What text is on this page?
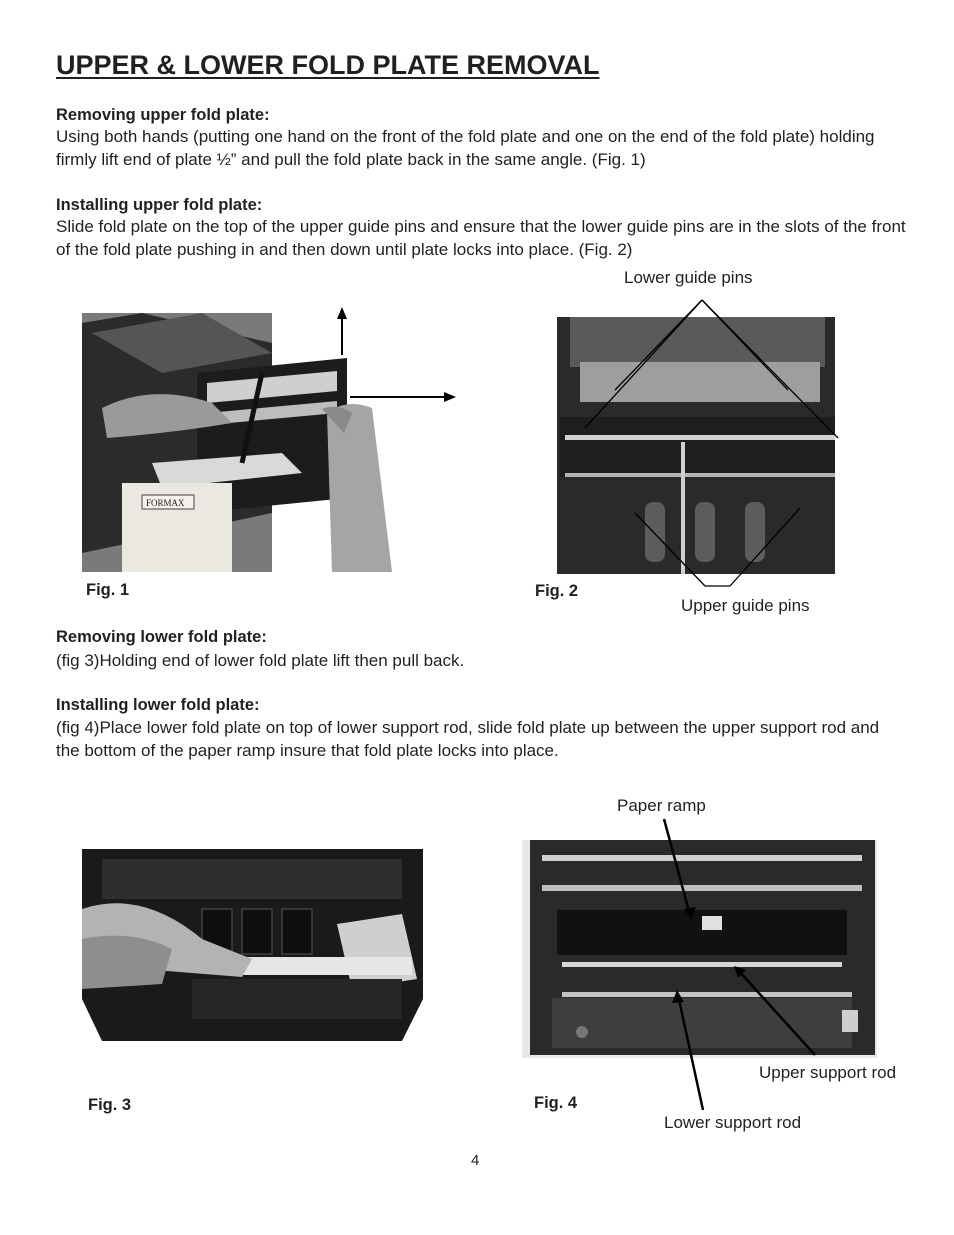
UPPER & LOWER FOLD PLATE REMOVAL
Removing upper fold plate:
Using both hands (putting one hand on the front of the fold plate and one on the end of the fold plate) holding firmly lift end of plate ½” and pull the fold plate back in the same angle. (Fig. 1)
Installing upper fold plate:
Slide fold plate on the top of the upper guide pins and ensure that the lower guide pins are in the slots of the front of the fold plate pushing in and then down until plate locks into place. (Fig. 2)
Lower guide pins
FORMAX
Fig. 1	Fig. 2
Upper guide pins
Removing lower fold plate:
(fig 3)Holding end of lower fold plate lift then pull back.
Installing lower fold plate:
(fig 4)Place lower fold plate on top of lower support rod, slide fold plate up between the upper support rod and the bottom of the paper ramp insure that fold plate locks into place.
Paper ramp
Upper support rod
Fig. 3	Fig. 4
Lower support rod
4
